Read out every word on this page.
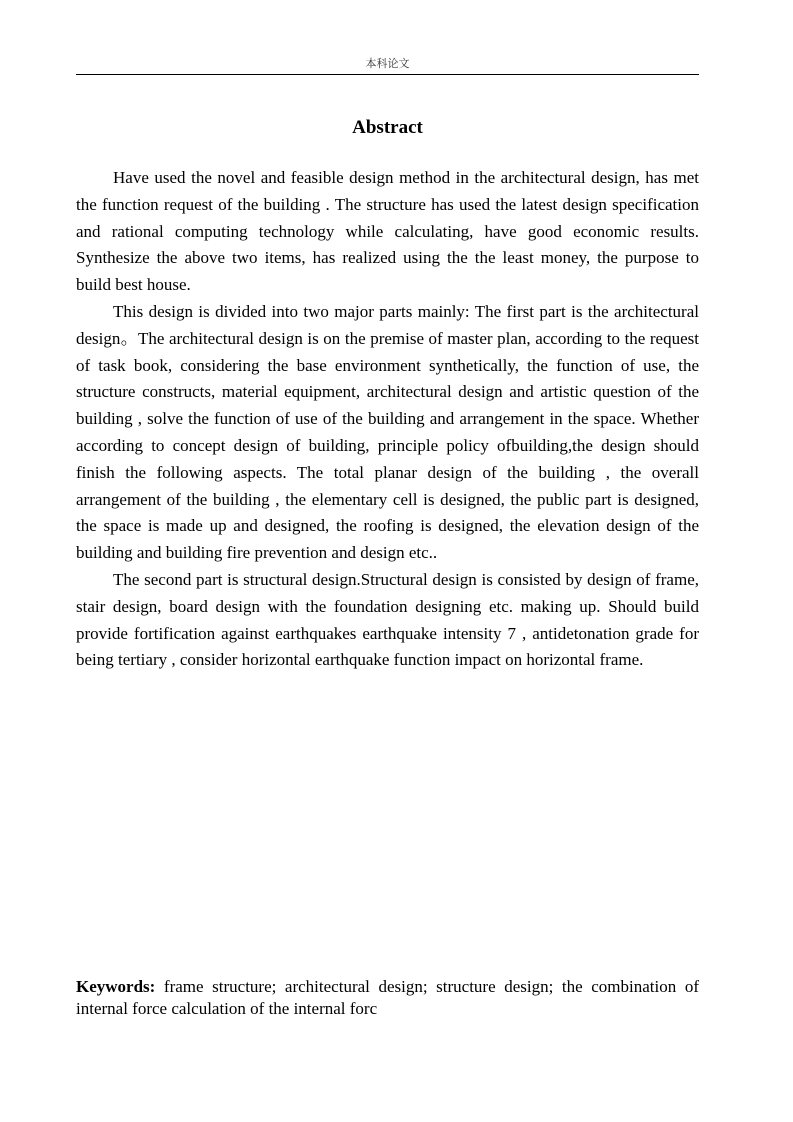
本科论文
Abstract

Have used the novel and feasible design method in the architectural design, has met the function request of the building . The structure has used the latest design specification and rational computing technology while calculating, have good economic results. Synthesize the above two items, has realized using the the least money, the purpose to build best house.

This design is divided into two major parts mainly: The first part is the architectural design。The architectural design is on the premise of master plan, according to the request of task book, considering the base environment synthetically, the function of use, the structure constructs, material equipment, architectural design and artistic question of the building , solve the function of use of the building and arrangement in the space. Whether according to concept design of building, principle policy ofbuilding,the design should finish the following aspects. The total planar design of the building , the overall arrangement of the building , the elementary cell is designed, the public part is designed, the space is made up and designed, the roofing is designed, the elevation design of the building and building fire prevention and design etc..

The second part is structural design.Structural design is consisted by design of frame, stair design, board design with the foundation designing etc. making up. Should build provide fortification against earthquakes earthquake intensity 7 , antidetonation grade for being tertiary , consider horizontal earthquake function impact on horizontal frame.

Keywords: frame structure; architectural design; structure design; the combination of internal force calculation of the internal forc
